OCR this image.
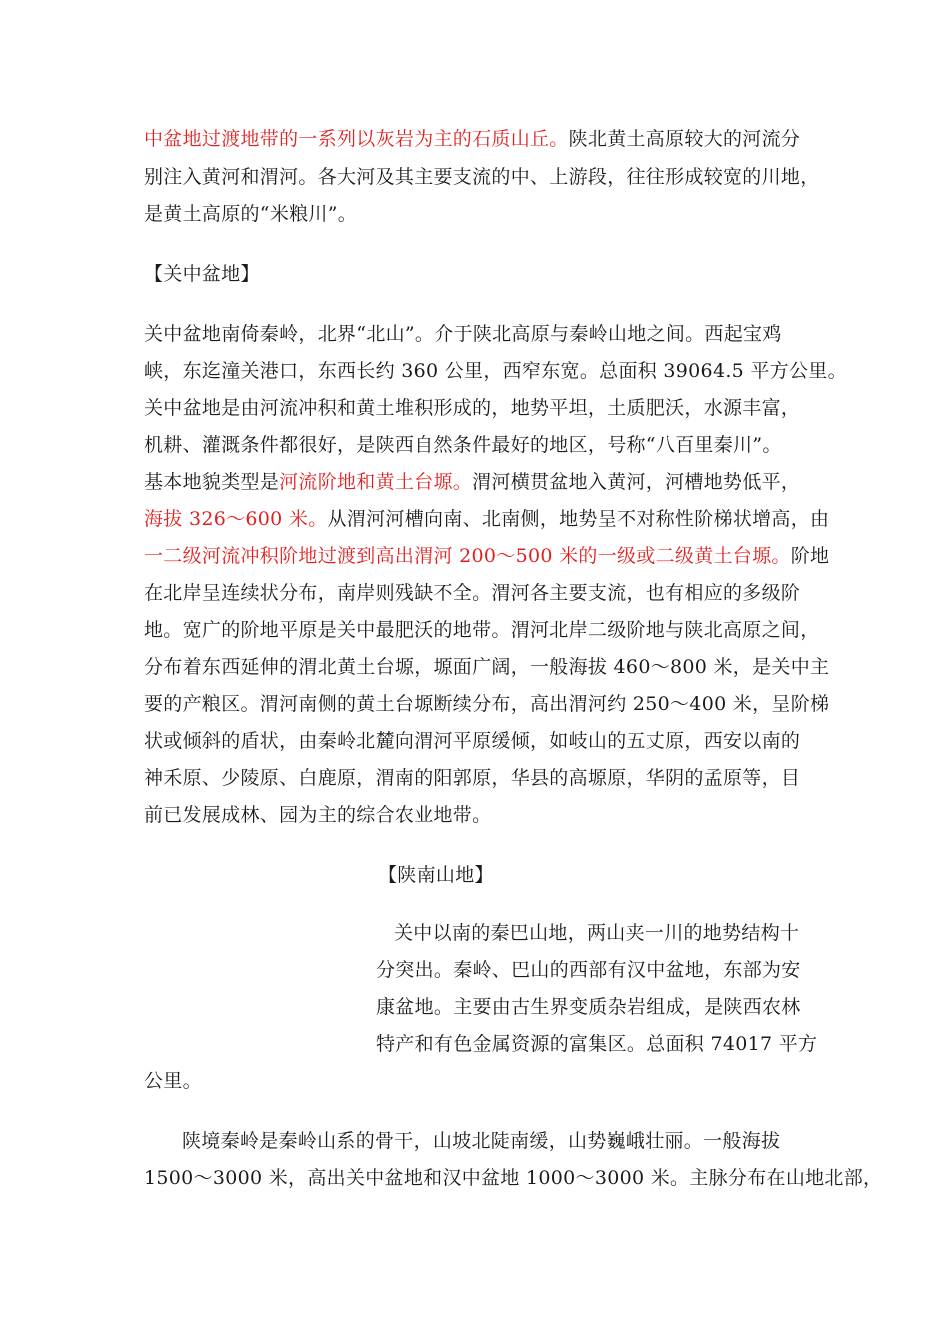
中盆地过渡地带的一系列以灰岩为主的石质山丘。陕北黄土高原较大的河流分
别注入黄河和渭河。各大河及其主要支流的中、上游段，往往形成较宽的川地，
是黄土高原的“米粮川”。
【关中盆地】
关中盆地南倚秦岭，北界“北山”。介于陕北高原与秦岭山地之间。西起宝鸡
峡，东迄潼关港口，东西长约 360 公里，西窄东宽。总面积 39064.5 平方公里。
关中盆地是由河流冲积和黄土堆积形成的，地势平坦，土质肥沃，水源丰富，
机耕、灌溉条件都很好，是陕西自然条件最好的地区，号称“八百里秦川”。
基本地貌类型是河流阶地和黄土台塬。渭河横贯盆地入黄河，河槽地势低平，
海拔 326～600 米。从渭河河槽向南、北南侧，地势呈不对称性阶梯状增高，由
一二级河流冲积阶地过渡到高出渭河 200～500 米的一级或二级黄土台塬。阶地
在北岸呈连续状分布，南岸则残缺不全。渭河各主要支流，也有相应的多级阶
地。宽广的阶地平原是关中最肥沃的地带。渭河北岸二级阶地与陕北高原之间，
分布着东西延伸的渭北黄土台塬，塬面广阔，一般海拔 460～800 米，是关中主
要的产粮区。渭河南侧的黄土台塬断续分布，高出渭河约 250～400 米，呈阶梯
状或倾斜的盾状，由秦岭北麓向渭河平原缓倾，如岐山的五丈原，西安以南的
神禾原、少陵原、白鹿原，渭南的阳郭原，华县的高塬原，华阴的孟原等，目
前已发展成林、园为主的综合农业地带。
【陕南山地】
关中以南的秦巴山地，两山夹一川的地势结构十
分突出。秦岭、巴山的西部有汉中盆地，东部为安
康盆地。主要由古生界变质杂岩组成，是陕西农林
特产和有色金属资源的富集区。总面积 74017 平方
公里。
陕境秦岭是秦岭山系的骨干，山坡北陡南缓，山势巍峨壮丽。一般海拔
1500～3000 米，高出关中盆地和汉中盆地 1000～3000 米。主脉分布在山地北部，
